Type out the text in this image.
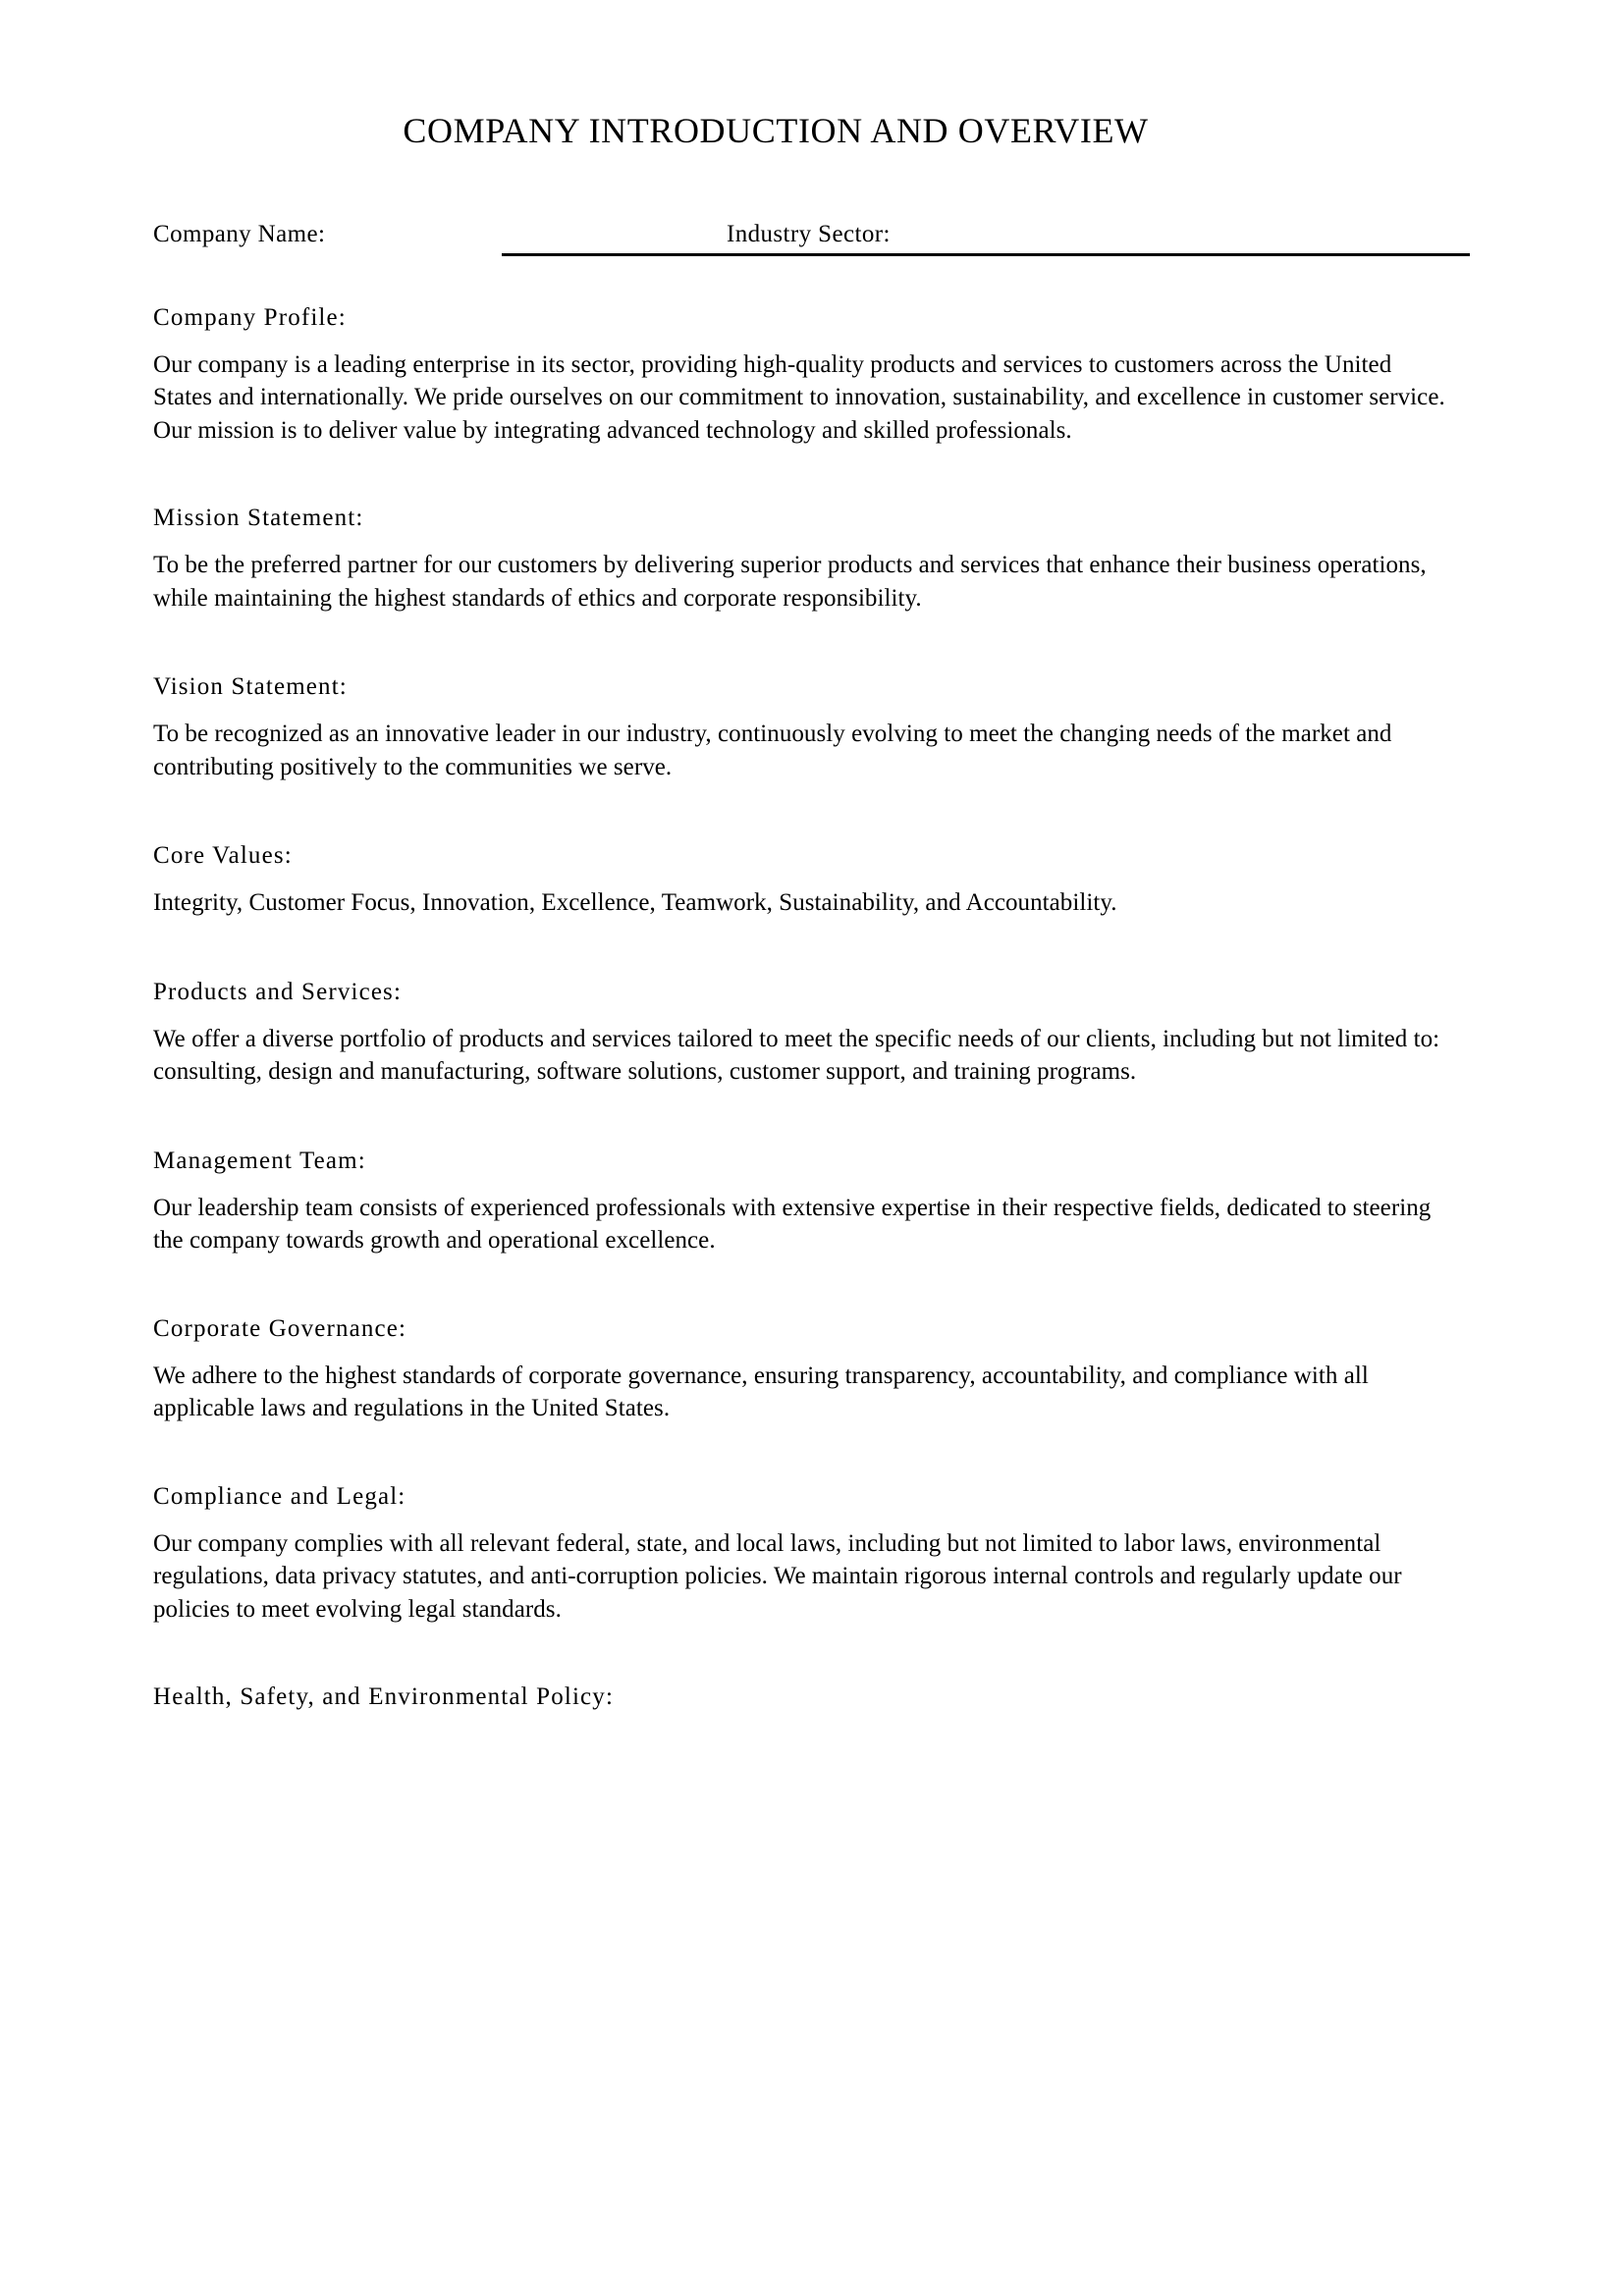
COMPANY INTRODUCTION AND OVERVIEW
Company Name:	Industry Sector:
Company Profile:

Our company is a leading enterprise in its sector, providing high-quality products and services to customers across the United States and internationally. We pride ourselves on our commitment to innovation, sustainability, and excellence in customer service. Our mission is to deliver value by integrating advanced technology and skilled professionals.

Mission Statement:

To be the preferred partner for our customers by delivering superior products and services that enhance their business operations, while maintaining the highest standards of ethics and corporate responsibility.

Vision Statement:

To be recognized as an innovative leader in our industry, continuously evolving to meet the changing needs of the market and contributing positively to the communities we serve.

Core Values:

Integrity, Customer Focus, Innovation, Excellence, Teamwork, Sustainability, and Accountability.

Products and Services:

We offer a diverse portfolio of products and services tailored to meet the specific needs of our clients, including but not limited to: consulting, design and manufacturing, software solutions, customer support, and training programs.

Management Team:

Our leadership team consists of experienced professionals with extensive expertise in their respective fields, dedicated to steering the company towards growth and operational excellence.

Corporate Governance:

We adhere to the highest standards of corporate governance, ensuring transparency, accountability, and compliance with all applicable laws and regulations in the United States.

Compliance and Legal:

Our company complies with all relevant federal, state, and local laws, including but not limited to labor laws, environmental regulations, data privacy statutes, and anti-corruption policies. We maintain rigorous internal controls and regularly update our policies to meet evolving legal standards.

Health, Safety, and Environmental Policy:
